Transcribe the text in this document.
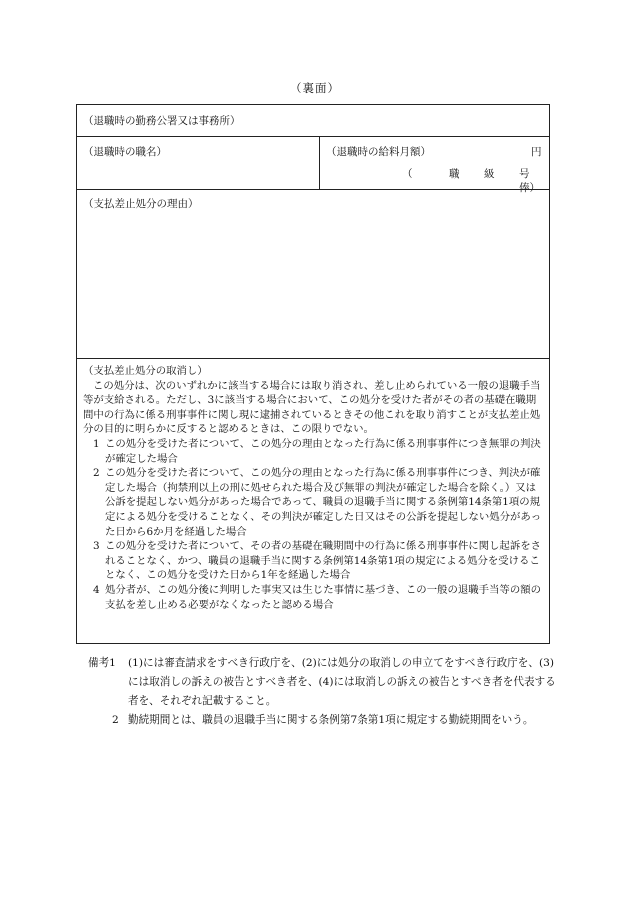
（裏面）
（退職時の勤務公署又は事務所）
（退職時の職名）	（退職時の給料月額）	円
（	職 級 号俸）
（支払差止処分の理由）

（支払差止処分の取消し）

この処分は、次のいずれかに該当する場合には取り消され、差し止められている一般の退職手当等が支給される。ただし、3に該当する場合において、この処分を受けた者がその者の基礎在職期間中の行為に係る刑事事件に関し現に逮捕されているときその他これを取り消すことが支払差止処分の目的に明らかに反すると認めるときは、この限りでない。

1 この処分を受けた者について、この処分の理由となった行為に係る刑事事件につき無罪の判決が確定した場合

2 この処分を受けた者について、この処分の理由となった行為に係る刑事事件につき、判決が確定した場合（拘禁刑以上の刑に処せられた場合及び無罪の判決が確定した場合を除く。）又は公訴を提起しない処分があった場合であって、職員の退職手当に関する条例第14条第1項の規定による処分を受けることなく、その判決が確定した日又はその公訴を提起しない処分があった日から6か月を経過した場合

3 この処分を受けた者について、その者の基礎在職期間中の行為に係る刑事事件に関し起訴をされることなく、かつ、職員の退職手当に関する条例第14条第1項の規定による処分を受けることなく、この処分を受けた日から1年を経過した場合

4 処分者が、この処分後に判明した事実又は生じた事情に基づき、この一般の退職手当等の額の支払を差し止める必要がなくなったと認める場合

備考1 (1)には審査請求をすべき行政庁を、(2)には処分の取消しの申立てをすべき行政庁を、(3)には取消しの訴えの被告とすべき者を、(4)には取消しの訴えの被告とすべき者を代表する者を、それぞれ記載すること。

2 勤続期間とは、職員の退職手当に関する条例第7条第1項に規定する勤続期間をいう。
